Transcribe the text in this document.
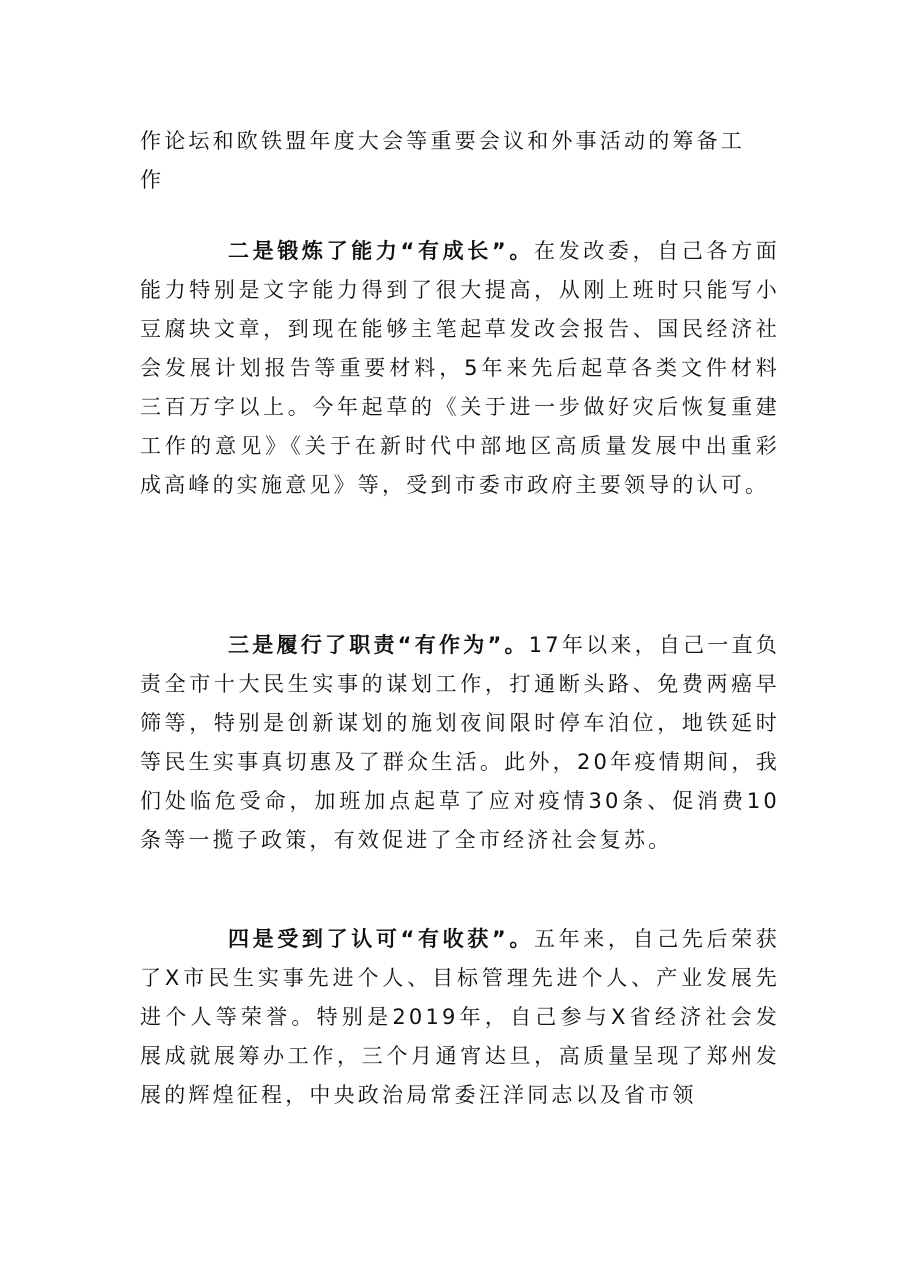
作论坛和欧铁盟年度大会等重要会议和外事活动的筹备工
作

二是锻炼了能力“有成长”。在发改委，自己各方面能力特别是文字能力得到了很大提高，从刚上班时只能写小豆腐块文章，到现在能够主笔起草发改会报告、国民经济社会发展计划报告等重要材料，5年来先后起草各类文件材料三百万字以上。今年起草的《关于进一步做好灾后恢复重建工作的意见》《关于在新时代中部地区高质量发展中出重彩成高峰的实施意见》等，受到市委市政府主要领导的认可。

三是履行了职责“有作为”。17年以来，自己一直负责全市十大民生实事的谋划工作，打通断头路、免费两癌早筛等，特别是创新谋划的施划夜间限时停车泊位，地铁延时等民生实事真切惠及了群众生活。此外，20年疫情期间，我们处临危受命，加班加点起草了应对疫情30条、促消费10条等一揽子政策，有效促进了全市经济社会复苏。

四是受到了认可“有收获”。五年来，自己先后荣获了X市民生实事先进个人、目标管理先进个人、产业发展先进个人等荣誉。特别是2019年，自己参与X省经济社会发展成就展筹办工作，三个月通宵达旦，高质量呈现了郑州发展的辉煌征程，中央政治局常委汪洋同志以及省市领
